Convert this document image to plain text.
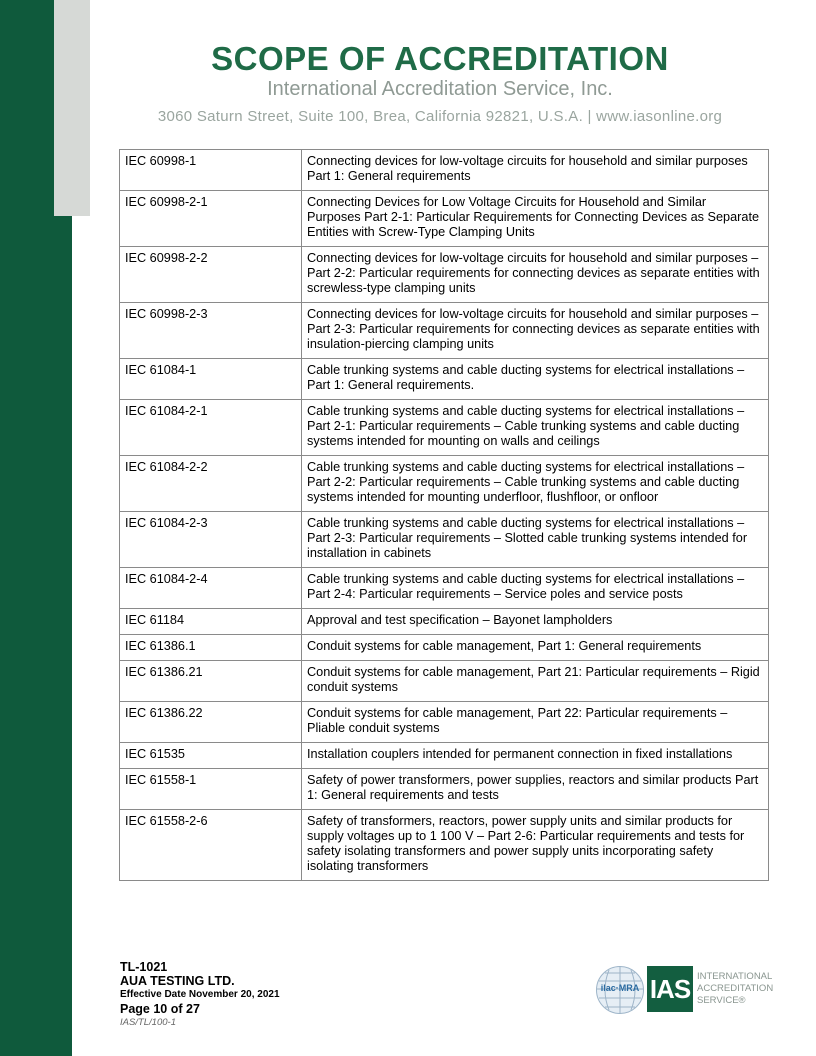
SCOPE OF ACCREDITATION
International Accreditation Service, Inc.
3060 Saturn Street, Suite 100, Brea, California 92821, U.S.A. | www.iasonline.org
IEC 60998-1	Connecting devices for low-voltage circuits for household and similar purposes Part 1: General requirements
IEC 60998-2-1	Connecting Devices for Low Voltage Circuits for Household and Similar Purposes Part 2-1: Particular Requirements for Connecting Devices as Separate Entities with Screw-Type Clamping Units
IEC 60998-2-2	Connecting devices for low-voltage circuits for household and similar purposes – Part 2-2: Particular requirements for connecting devices as separate entities with screwless-type clamping units
IEC 60998-2-3	Connecting devices for low-voltage circuits for household and similar purposes – Part 2-3: Particular requirements for connecting devices as separate entities with insulation-piercing clamping units
IEC 61084-1	Cable trunking systems and cable ducting systems for electrical installations – Part 1: General requirements.
IEC 61084-2-1	Cable trunking systems and cable ducting systems for electrical installations – Part 2-1: Particular requirements – Cable trunking systems and cable ducting systems intended for mounting on walls and ceilings
IEC 61084-2-2	Cable trunking systems and cable ducting systems for electrical installations – Part 2-2: Particular requirements – Cable trunking systems and cable ducting systems intended for mounting underfloor, flushfloor, or onfloor
IEC 61084-2-3	Cable trunking systems and cable ducting systems for electrical installations – Part 2-3: Particular requirements – Slotted cable trunking systems intended for installation in cabinets
IEC 61084-2-4	Cable trunking systems and cable ducting systems for electrical installations – Part 2-4: Particular requirements – Service poles and service posts
IEC 61184	Approval and test specification – Bayonet lampholders
IEC 61386.1	Conduit systems for cable management, Part 1: General requirements
IEC 61386.21	Conduit systems for cable management, Part 21: Particular requirements – Rigid conduit systems
IEC 61386.22	Conduit systems for cable management, Part 22: Particular requirements – Pliable conduit systems
IEC 61535	Installation couplers intended for permanent connection in fixed installations
IEC 61558-1	Safety of power transformers, power supplies, reactors and similar products Part 1: General requirements and tests
IEC 61558-2-6	Safety of transformers, reactors, power supply units and similar products for supply voltages up to 1 100 V – Part 2-6: Particular requirements and tests for safety isolating transformers and power supply units incorporating safety isolating transformers
TL-1021
AUA TESTING LTD.
Effective Date November 20, 2021
Page 10 of 27
IAS/TL/100-1
ilac·MRA IAS INTERNATIONAL
ACCREDITATION
SERVICE®
